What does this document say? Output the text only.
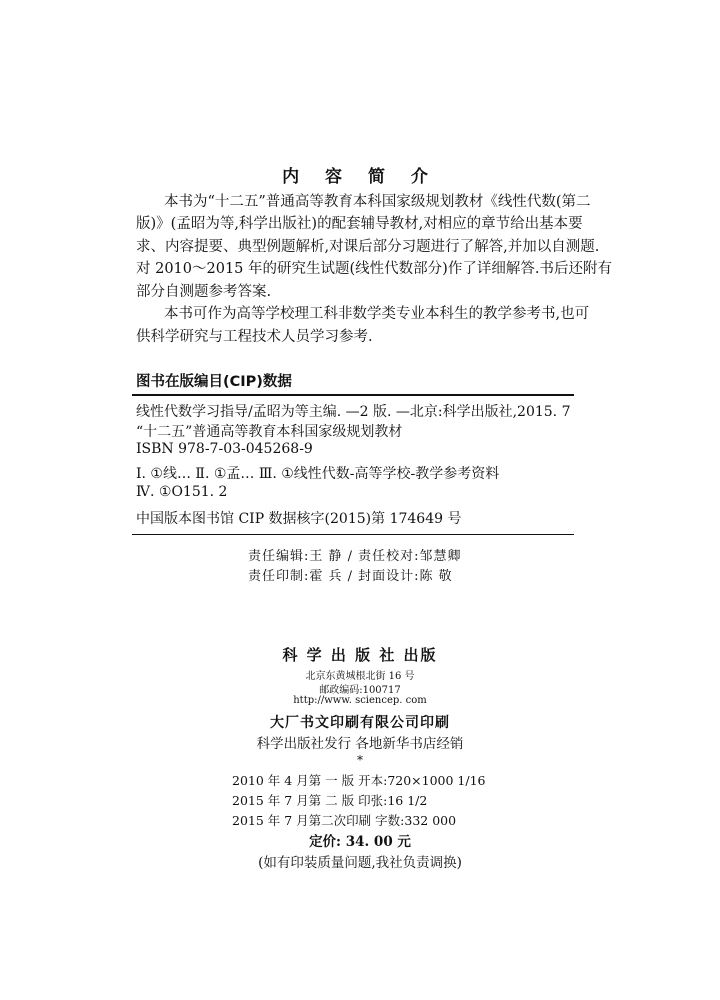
内 容 简 介
本书为“十二五”普通高等教育本科国家级规划教材《线性代数(第二
版)》(孟昭为等,科学出版社)的配套辅导教材,对相应的章节给出基本要
求、内容提要、典型例题解析,对课后部分习题进行了解答,并加以自测题.
对 2010～2015 年的研究生试题(线性代数部分)作了详细解答.书后还附有
部分自测题参考答案.
本书可作为高等学校理工科非数学类专业本科生的教学参考书,也可
供科学研究与工程技术人员学习参考.
图书在版编目(CIP)数据
线性代数学习指导/孟昭为等主编. —2 版. —北京:科学出版社,2015. 7
“十二五”普通高等教育本科国家级规划教材
ISBN 978-7-03-045268-9
Ⅰ. ①线… Ⅱ. ①孟… Ⅲ. ①线性代数-高等学校-教学参考资料
Ⅳ. ①O151. 2
中国版本图书馆 CIP 数据核字(2015)第 174649 号
责任编辑:王 静 / 责任校对:邹慧卿
责任印制:霍 兵 / 封面设计:陈 敬
科 学 出 版 社 出版
北京东黄城根北街 16 号
邮政编码:100717
http://www. sciencep. com
大厂书文印刷有限公司印刷
科学出版社发行 各地新华书店经销
*
2010 年 4 月第 一 版 开本:720×1000 1/16
2015 年 7 月第 二 版 印张:16 1/2
2015 年 7 月第二次印刷 字数:332 000
定价: 34. 00 元
(如有印装质量问题,我社负责调换)
